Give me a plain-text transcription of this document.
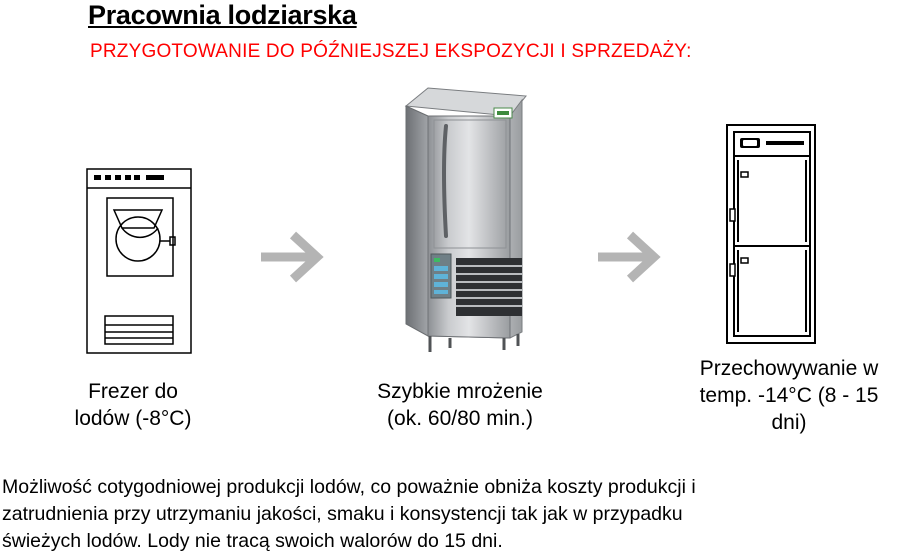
Pracownia lodziarska
PRZYGOTOWANIE DO PÓŹNIEJSZEJ EKSPOZYCJI I SPRZEDAŻY:
Frezer do
lodów (-8°C)
Szybkie mrożenie
(ok. 60/80 min.)
Przechowywanie w
temp. -14°C (8 - 15
dni)
Możliwość cotygodniowej produkcji lodów, co poważnie obniża koszty produkcji i
zatrudnienia przy utrzymaniu jakości, smaku i konsystencji tak jak w przypadku
świeżych lodów. Lody nie tracą swoich walorów do 15 dni.
